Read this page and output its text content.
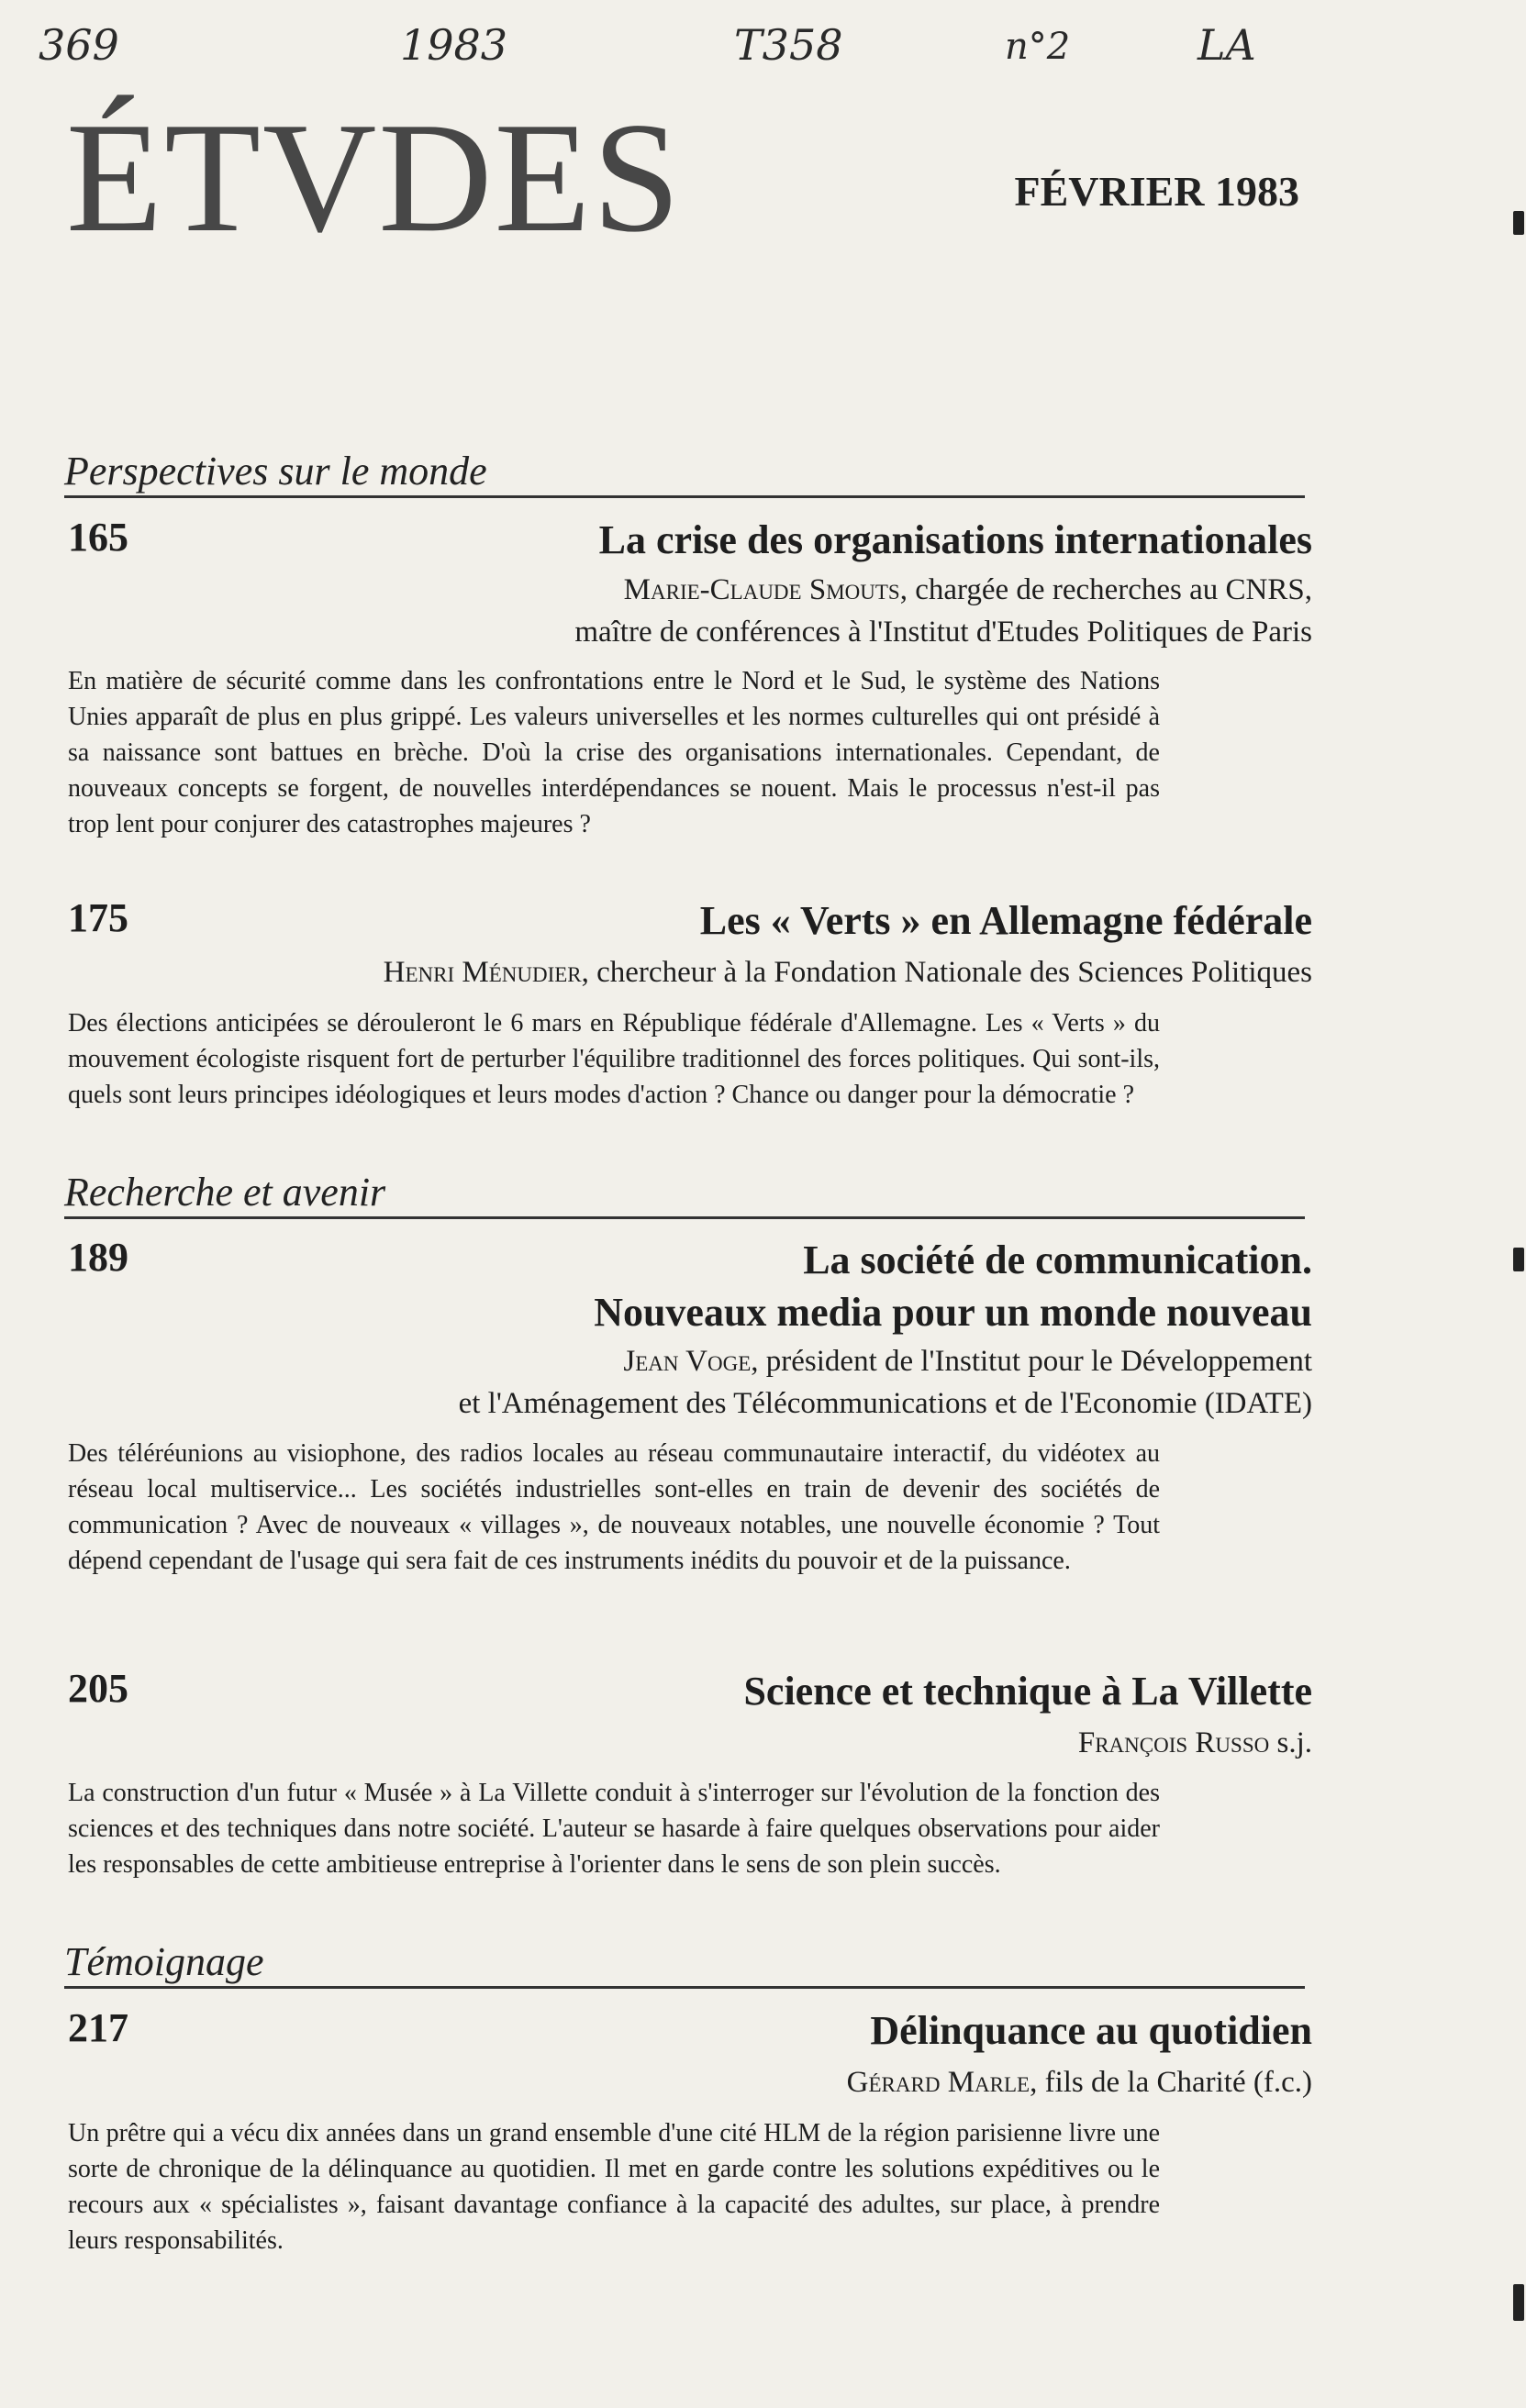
369	1983	T358	n°2	LA
ÉTVDES	FÉVRIER 1983
Perspectives sur le monde
165	La crise des organisations internationales
Marie-Claude Smouts, chargée de recherches au CNRS,
maître de conférences à l'Institut d'Etudes Politiques de Paris

En matière de sécurité comme dans les confrontations entre le Nord et le Sud, le système des Nations Unies apparaît de plus en plus grippé. Les valeurs universelles et les normes culturelles qui ont présidé à sa naissance sont battues en brèche. D'où la crise des organisations internationales. Cependant, de nouveaux concepts se forgent, de nouvelles interdépendances se nouent. Mais le processus n'est-il pas trop lent pour conjurer des catastrophes majeures ?

175	Les « Verts » en Allemagne fédérale
Henri Ménudier, chercheur à la Fondation Nationale des Sciences Politiques

Des élections anticipées se dérouleront le 6 mars en République fédérale d'Allemagne. Les « Verts » du mouvement écologiste risquent fort de perturber l'équilibre traditionnel des forces politiques. Qui sont-ils, quels sont leurs principes idéologiques et leurs modes d'action ? Chance ou danger pour la démocratie ?

Recherche et avenir
189	La société de communication.
Nouveaux media pour un monde nouveau
Jean Voge, président de l'Institut pour le Développement
et l'Aménagement des Télécommunications et de l'Economie (IDATE)

Des téléréunions au visiophone, des radios locales au réseau communautaire interactif, du vidéotex au réseau local multiservice... Les sociétés industrielles sont-elles en train de devenir des sociétés de communication ? Avec de nouveaux « villages », de nouveaux notables, une nouvelle économie ? Tout dépend cependant de l'usage qui sera fait de ces instruments inédits du pouvoir et de la puissance.

205	Science et technique à La Villette
François Russo s.j.

La construction d'un futur « Musée » à La Villette conduit à s'interroger sur l'évolution de la fonction des sciences et des techniques dans notre société. L'auteur se hasarde à faire quelques observations pour aider les responsables de cette ambitieuse entreprise à l'orienter dans le sens de son plein succès.

Témoignage
217	Délinquance au quotidien
Gérard Marle, fils de la Charité (f.c.)

Un prêtre qui a vécu dix années dans un grand ensemble d'une cité HLM de la région parisienne livre une sorte de chronique de la délinquance au quotidien. Il met en garde contre les solutions expéditives ou le recours aux « spécialistes », faisant davantage confiance à la capacité des adultes, sur place, à prendre leurs responsabilités.
